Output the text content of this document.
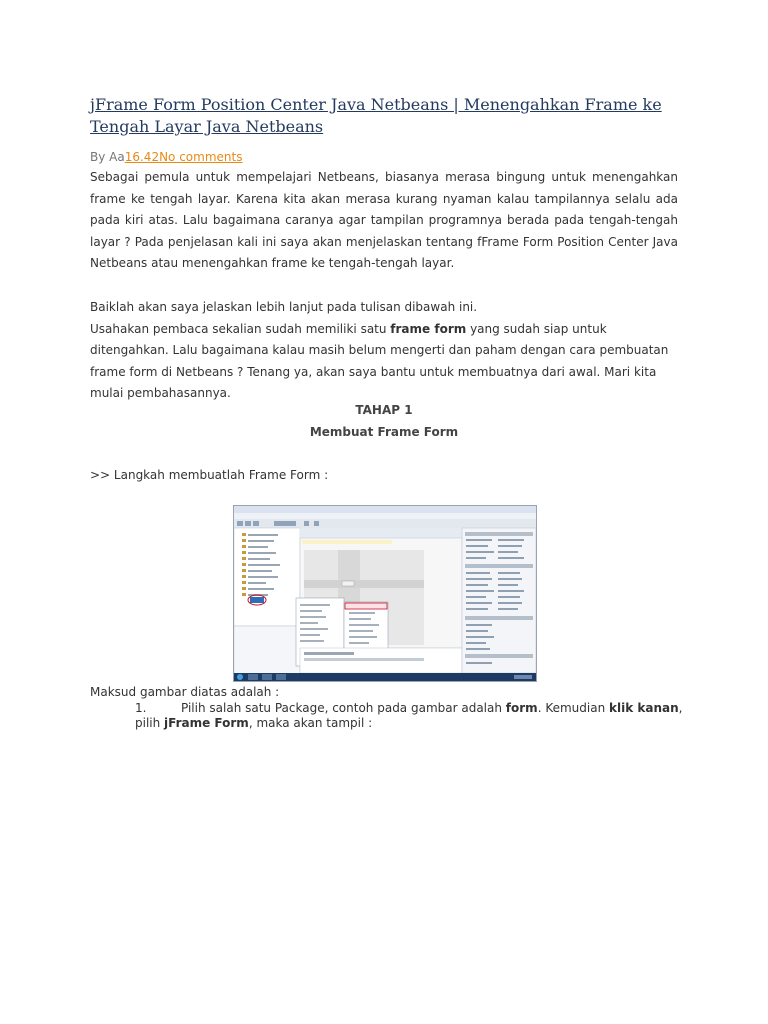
jFrame Form Position Center Java Netbeans | Menengahkan Frame ke Tengah Layar Java Netbeans
By Aa16.42No comments
Sebagai pemula untuk mempelajari Netbeans, biasanya merasa bingung untuk menengahkan frame ke tengah layar. Karena kita akan merasa kurang nyaman kalau tampilannya selalu ada pada kiri atas. Lalu bagaimana caranya agar tampilan programnya berada pada tengah-tengah layar ? Pada penjelasan kali ini saya akan menjelaskan tentang fFrame Form Position Center Java Netbeans atau menengahkan frame ke tengah-tengah layar.
Baiklah akan saya jelaskan lebih lanjut pada tulisan dibawah ini.
Usahakan pembaca sekalian sudah memiliki satu frame form yang sudah siap untuk ditengahkan. Lalu bagaimana kalau masih belum mengerti dan paham dengan cara pembuatan frame form di Netbeans ? Tenang ya, akan saya bantu untuk membuatnya dari awal. Mari kita mulai pembahasannya.
TAHAP 1
Membuat Frame Form
>> Langkah membuatlah Frame Form :
Maksud gambar diatas adalah :
1.	Pilih salah satu Package, contoh pada gambar adalah form. Kemudian klik kanan, pilih jFrame Form, maka akan tampil :
